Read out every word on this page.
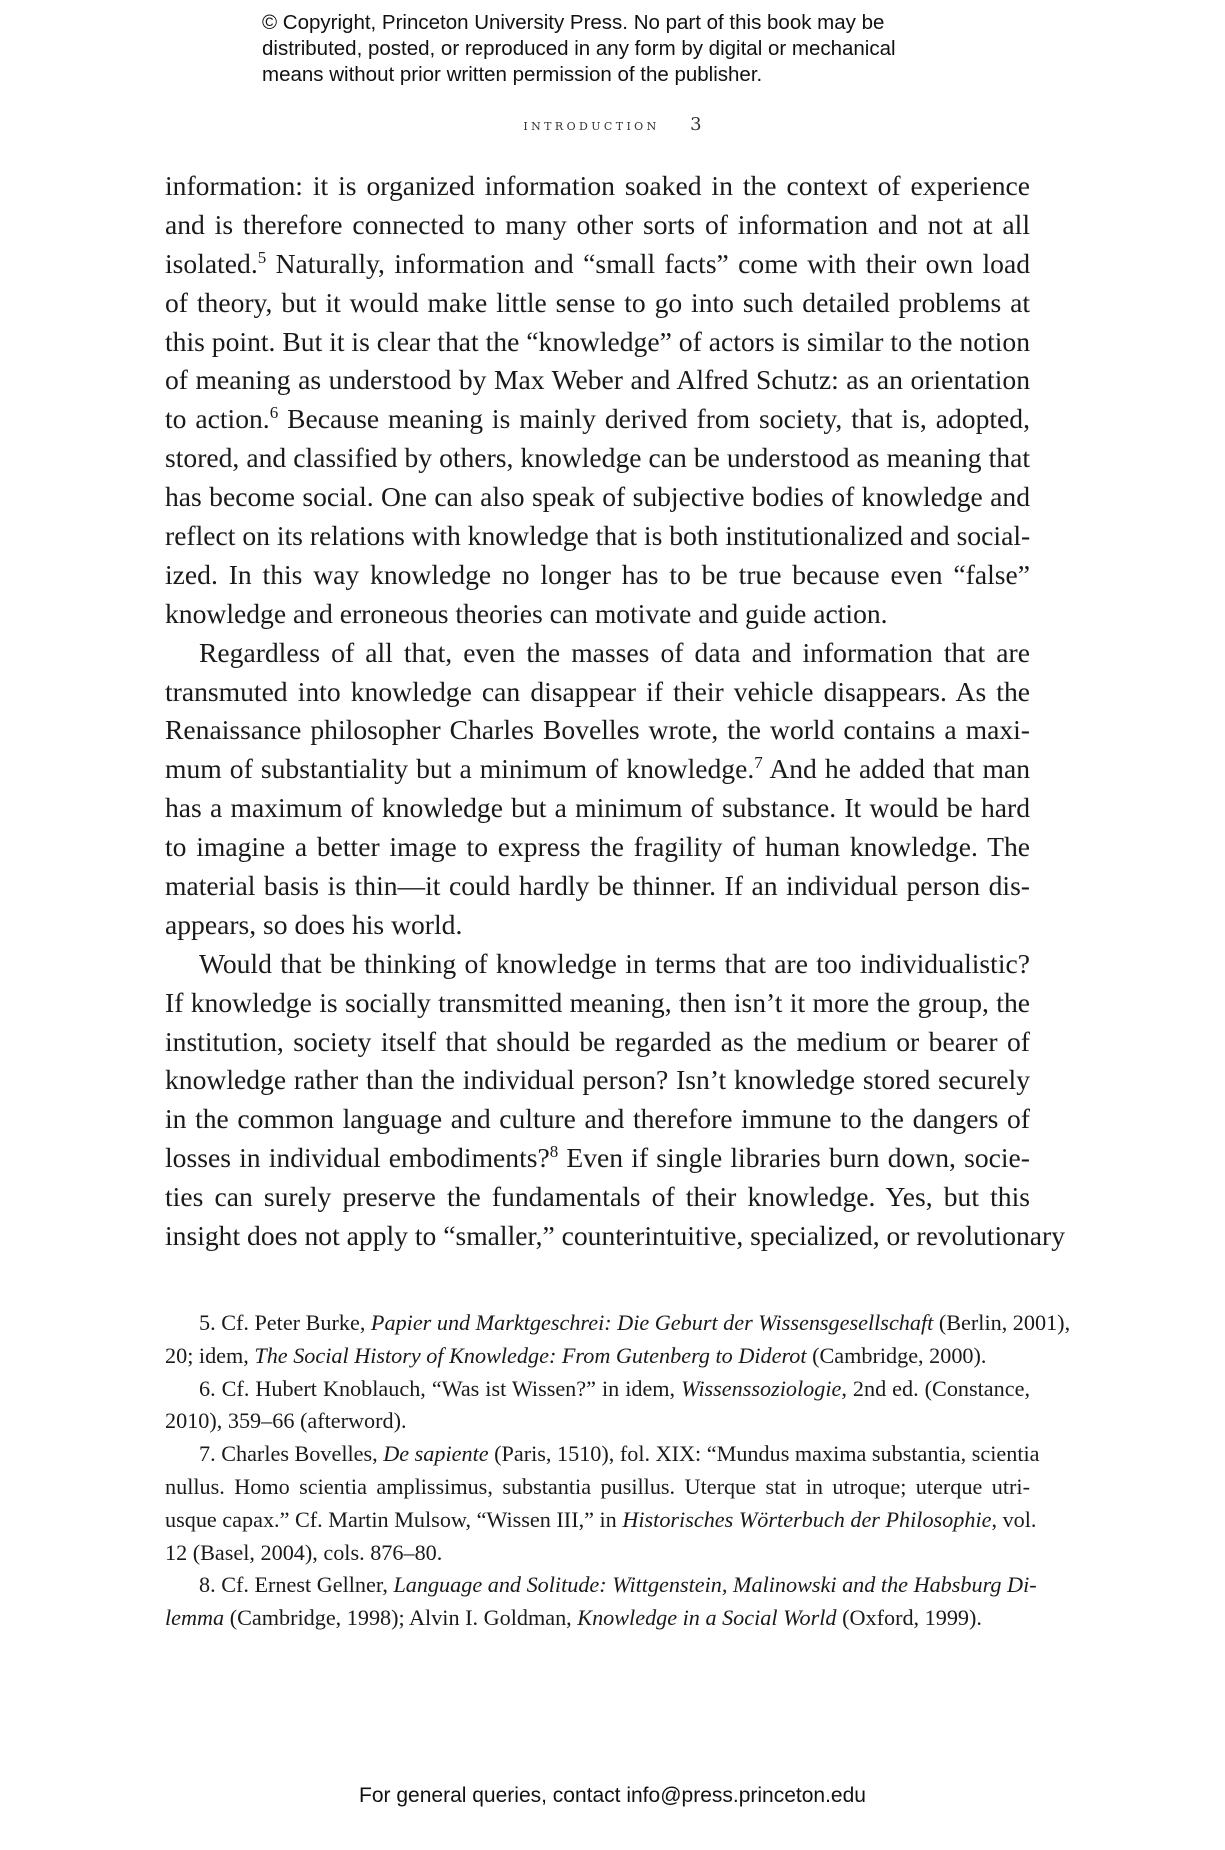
© Copyright, Princeton University Press. No part of this book may be
distributed, posted, or reproduced in any form by digital or mechanical
means without prior written permission of the publisher.
introduction 3
information: it is organized information soaked in the context of experience
and is therefore connected to many other sorts of information and not at all
isolated.$^5$ Naturally, information and “small facts” come with their own load
of theory, but it would make little sense to go into such detailed problems at
this point. But it is clear that the “knowledge” of actors is similar to the notion
of meaning as understood by Max Weber and Alfred Schutz: as an orientation
to action.$^6$ Because meaning is mainly derived from society, that is, adopted,
stored, and classified by others, knowledge can be understood as meaning that
has become social. One can also speak of subjective bodies of knowledge and
reflect on its relations with knowledge that is both institutionalized and social-
ized. In this way knowledge no longer has to be true because even “false”
knowledge and erroneous theories can motivate and guide action.
Regardless of all that, even the masses of data and information that are
transmuted into knowledge can disappear if their vehicle disappears. As the
Renaissance philosopher Charles Bovelles wrote, the world contains a maxi-
mum of substantiality but a minimum of knowledge.$^7$ And he added that man
has a maximum of knowledge but a minimum of substance. It would be hard
to imagine a better image to express the fragility of human knowledge. The
material basis is thin—it could hardly be thinner. If an individual person dis-
appears, so does his world.
Would that be thinking of knowledge in terms that are too individualistic?
If knowledge is socially transmitted meaning, then isn’t it more the group, the
institution, society itself that should be regarded as the medium or bearer of
knowledge rather than the individual person? Isn’t knowledge stored securely
in the common language and culture and therefore immune to the dangers of
losses in individual embodiments?$^8$ Even if single libraries burn down, socie-
ties can surely preserve the fundamentals of their knowledge. Yes, but this
insight does not apply to “smaller,” counterintuitive, specialized, or revolutionary
5. Cf. Peter Burke, Papier und Marktgeschrei: Die Geburt der Wissensgesellschaft (Berlin, 2001),
20; idem, The Social History of Knowledge: From Gutenberg to Diderot (Cambridge, 2000).
6. Cf. Hubert Knoblauch, “Was ist Wissen?” in idem, Wissenssoziologie, 2nd ed. (Constance,
2010), 359–66 (afterword).
7. Charles Bovelles, De sapiente (Paris, 1510), fol. XIX: “Mundus maxima substantia, scientia
nullus. Homo scientia amplissimus, substantia pusillus. Uterque stat in utroque; uterque utri-
usque capax.” Cf. Martin Mulsow, “Wissen III,” in Historisches Wörterbuch der Philosophie, vol.
12 (Basel, 2004), cols. 876–80.
8. Cf. Ernest Gellner, Language and Solitude: Wittgenstein, Malinowski and the Habsburg Di-
lemma (Cambridge, 1998); Alvin I. Goldman, Knowledge in a Social World (Oxford, 1999).
For general queries, contact info@press.princeton.edu
